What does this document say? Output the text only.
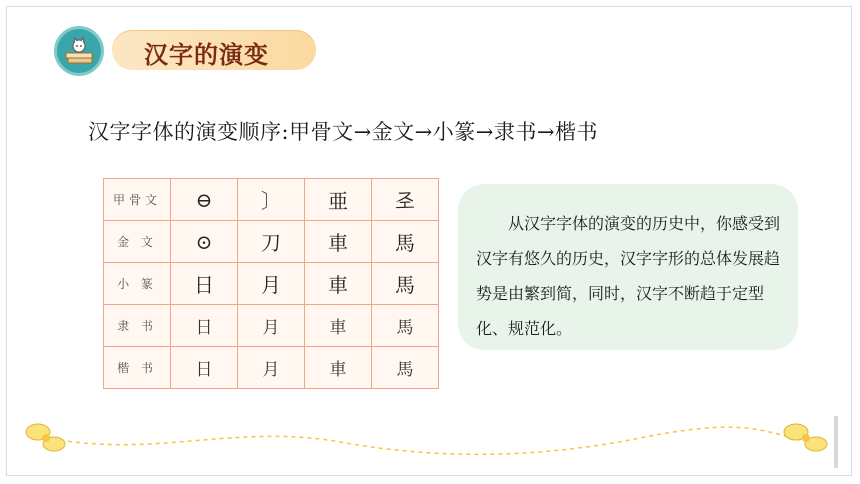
汉字的演变
汉字字体的演变顺序:甲骨文→金文→小篆→隶书→楷书
甲骨文	⊖	〕	亜	𢀖
金 文	⊙	刀	車	馬
小 篆	日	月	車	馬
隶 书	日	月	車	馬
楷 书	日	月	車	馬
从汉字字体的演变的历史中，你感受到汉字有悠久的历史，汉字字形的总体发展趋势是由繁到简，同时，汉字不断趋于定型化、规范化。
